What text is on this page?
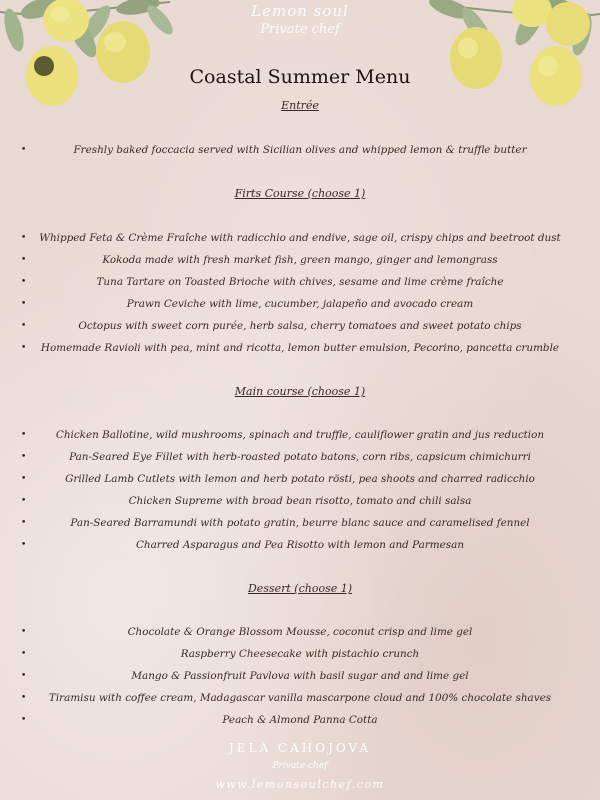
Lemon soul
Private chef
Coastal Summer Menu
Entrée
•	Freshly baked foccacia served with Sicilian olives and whipped lemon & truffle butter
Firts Course (choose 1)
• Whipped Feta & Crème Fraîche with radicchio and endive, sage oil, crispy chips and beetroot dust
•	Kokoda made with fresh market fish, green mango, ginger and lemongrass
•	Tuna Tartare on Toasted Brioche with chives, sesame and lime crème fraîche
•	Prawn Ceviche with lime, cucumber, jalapeño and avocado cream
•	Octopus with sweet corn purée, herb salsa, cherry tomatoes and sweet potato chips
• Homemade Ravioli with pea, mint and ricotta, lemon butter emulsion, Pecorino, pancetta crumble
Main course (choose 1)
•	Chicken Ballotine, wild mushrooms, spinach and truffle, cauliflower gratin and jus reduction
•	Pan-Seared Eye Fillet with herb-roasted potato batons, corn ribs, capsicum chimichurri
•	Grilled Lamb Cutlets with lemon and herb potato rösti, pea shoots and charred radicchio
•	Chicken Supreme with broad bean risotto, tomato and chili salsa
•	Pan-Seared Barramundi with potato gratin, beurre blanc sauce and caramelised fennel
•	Charred Asparagus and Pea Risotto with lemon and Parmesan
Dessert (choose 1)
•	Chocolate & Orange Blossom Mousse, coconut crisp and lime gel
•	Raspberry Cheesecake with pistachio crunch
•	Mango & Passionfruit Pavlova with basil sugar and and lime gel
• Tiramisu with coffee cream, Madagascar vanilla mascarpone cloud and 100% chocolate shaves
•	Peach & Almond Panna Cotta
JELA CAHOJOVA
Private chef
www.lemonsoulchef.com
